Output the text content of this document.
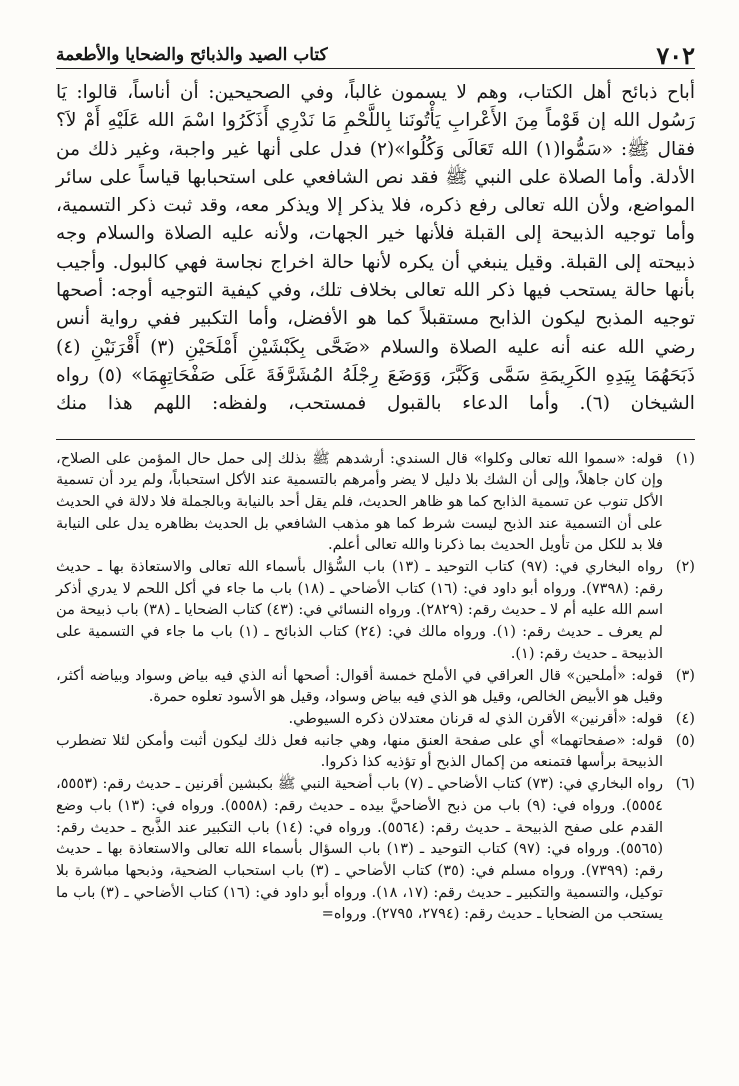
٧٠٢
كتاب الصيد والذبائح والضحايا والأطعمة

أباح ذبائح أهل الكتاب، وهم لا يسمون غالباً، وفي الصحيحين: أن أناساً، قالوا: يَا رَسُول الله إن قَوْماً مِنَ الأَعْرابِ يَأْتُونَنا بِاللَّحْمِ مَا نَدْرِي أَذَكَرُوا اسْمَ الله عَلَيْهِ أَمْ لاَ؟ فقال ﷺ: «سَمُّوا(١) الله تَعَالَى وَكُلُوا»(٢) فدل على أنها غير واجبة، وغير ذلك من الأدلة. وأما الصلاة على النبي ﷺ فقد نص الشافعي على استحبابها قياساً على سائر المواضع، ولأن الله تعالى رفع ذكره، فلا يذكر إلا ويذكر معه، وقد ثبت ذكر التسمية، وأما توجيه الذبيحة إلى القبلة فلأنها خير الجهات، ولأنه عليه الصلاة والسلام وجه ذبيحته إلى القبلة. وقيل ينبغي أن يكره لأنها حالة اخراج نجاسة فهي كالبول. وأجيب بأنها حالة يستحب فيها ذكر الله تعالى بخلاف تلك، وفي كيفية التوجيه أوجه: أصحها توجيه المذبح ليكون الذابح مستقبلاً كما هو الأفضل، وأما التكبير ففي رواية أنس رضي الله عنه أنه عليه الصلاة والسلام «ضَحَّى بِكَبْشَيْنِ أَمْلَحَيْنِ (٣) أَقْرَنَيْنِ (٤) ذَبَحَهُمَا بِيَدِهِ الكَرِيمَةِ سَمَّى وَكَبَّرَ، وَوَضَعَ رِجْلَهُ المُشَرَّفَةَ عَلَى صَفْحَاتِهِمَا» (٥) رواه الشيخان (٦). وأما الدعاء بالقبول فمستحب، ولفظه: اللهم هذا منك

(١)
قوله: «سموا الله تعالى وكلوا» قال السندي: أرشدهم ﷺ بذلك إلى حمل حال المؤمن على الصلاح، وإن كان جاهلاً، وإلى أن الشك بلا دليل لا يضر وأمرهم بالتسمية عند الأكل استحباباً، ولم يرد أن تسمية الأكل تنوب عن تسمية الذابح كما هو ظاهر الحديث، فلم يقل أحد بالنيابة وبالجملة فلا دلالة في الحديث على أن التسمية عند الذبح ليست شرط كما هو مذهب الشافعي بل الحديث بظاهره يدل على النيابة فلا بد للكل من تأويل الحديث بما ذكرنا والله تعالى أعلم.
(٢)
رواه البخاري في: (٩٧) كتاب التوحيد ـ (١٣) باب السُّؤال بأسماء الله تعالى والاستعاذة بها ـ حديث رقم: (٧٣٩٨). ورواه أبو داود في: (١٦) كتاب الأضاحي ـ (١٨) باب ما جاء في أكل اللحم لا يدري أذكر اسم الله عليه أم لا ـ حديث رقم: (٢٨٢٩). ورواه النسائي في: (٤٣) كتاب الضحايا ـ (٣٨) باب ذبيحة من لم يعرف ـ حديث رقم: (١). ورواه مالك في: (٢٤) كتاب الذبائح ـ (١) باب ما جاء في التسمية على الذبيحة ـ حديث رقم: (١).
(٣)
قوله: «أملحين» قال العراقي في الأملح خمسة أقوال: أصحها أنه الذي فيه بياض وسواد وبياضه أكثر، وقيل هو الأبيض الخالص، وقيل هو الذي فيه بياض وسواد، وقيل هو الأسود تعلوه حمرة.
(٤)
قوله: «أقرنين» الأقرن الذي له قرنان معتدلان ذكره السيوطي.
(٥)
قوله: «صفحاتهما» أي على صفحة العنق منها، وهي جانبه فعل ذلك ليكون أثبت وأمكن لئلا تضطرب الذبيحة برأسها فتمنعه من إكمال الذبح أو تؤذيه كذا ذكروا.
(٦)
رواه البخاري في: (٧٣) كتاب الأضاحي ـ (٧) باب أضحية النبي ﷺ بكبشين أقرنين ـ حديث رقم: (٥٥٥٣، ٥٥٥٤). ورواه في: (٩) باب من ذبح الأضاحيَّ بيده ـ حديث رقم: (٥٥٥٨). ورواه في: (١٣) باب وضع القدم على صفح الذبيحة ـ حديث رقم: (٥٥٦٤). ورواه في: (١٤) باب التكبير عند الذَّبح ـ حديث رقم: (٥٥٦٥). ورواه في: (٩٧) كتاب التوحيد ـ (١٣) باب السؤال بأسماء الله تعالى والاستعاذة بها ـ حديث رقم: (٧٣٩٩). ورواه مسلم في: (٣٥) كتاب الأضاحي ـ (٣) باب استحباب الضحية، وذبحها مباشرة بلا توكيل، والتسمية والتكبير ـ حديث رقم: (١٧، ١٨). ورواه أبو داود في: (١٦) كتاب الأضاحي ـ (٣) باب ما يستحب من الضحايا ـ حديث رقم: (٢٧٩٤، ٢٧٩٥). ورواه=
